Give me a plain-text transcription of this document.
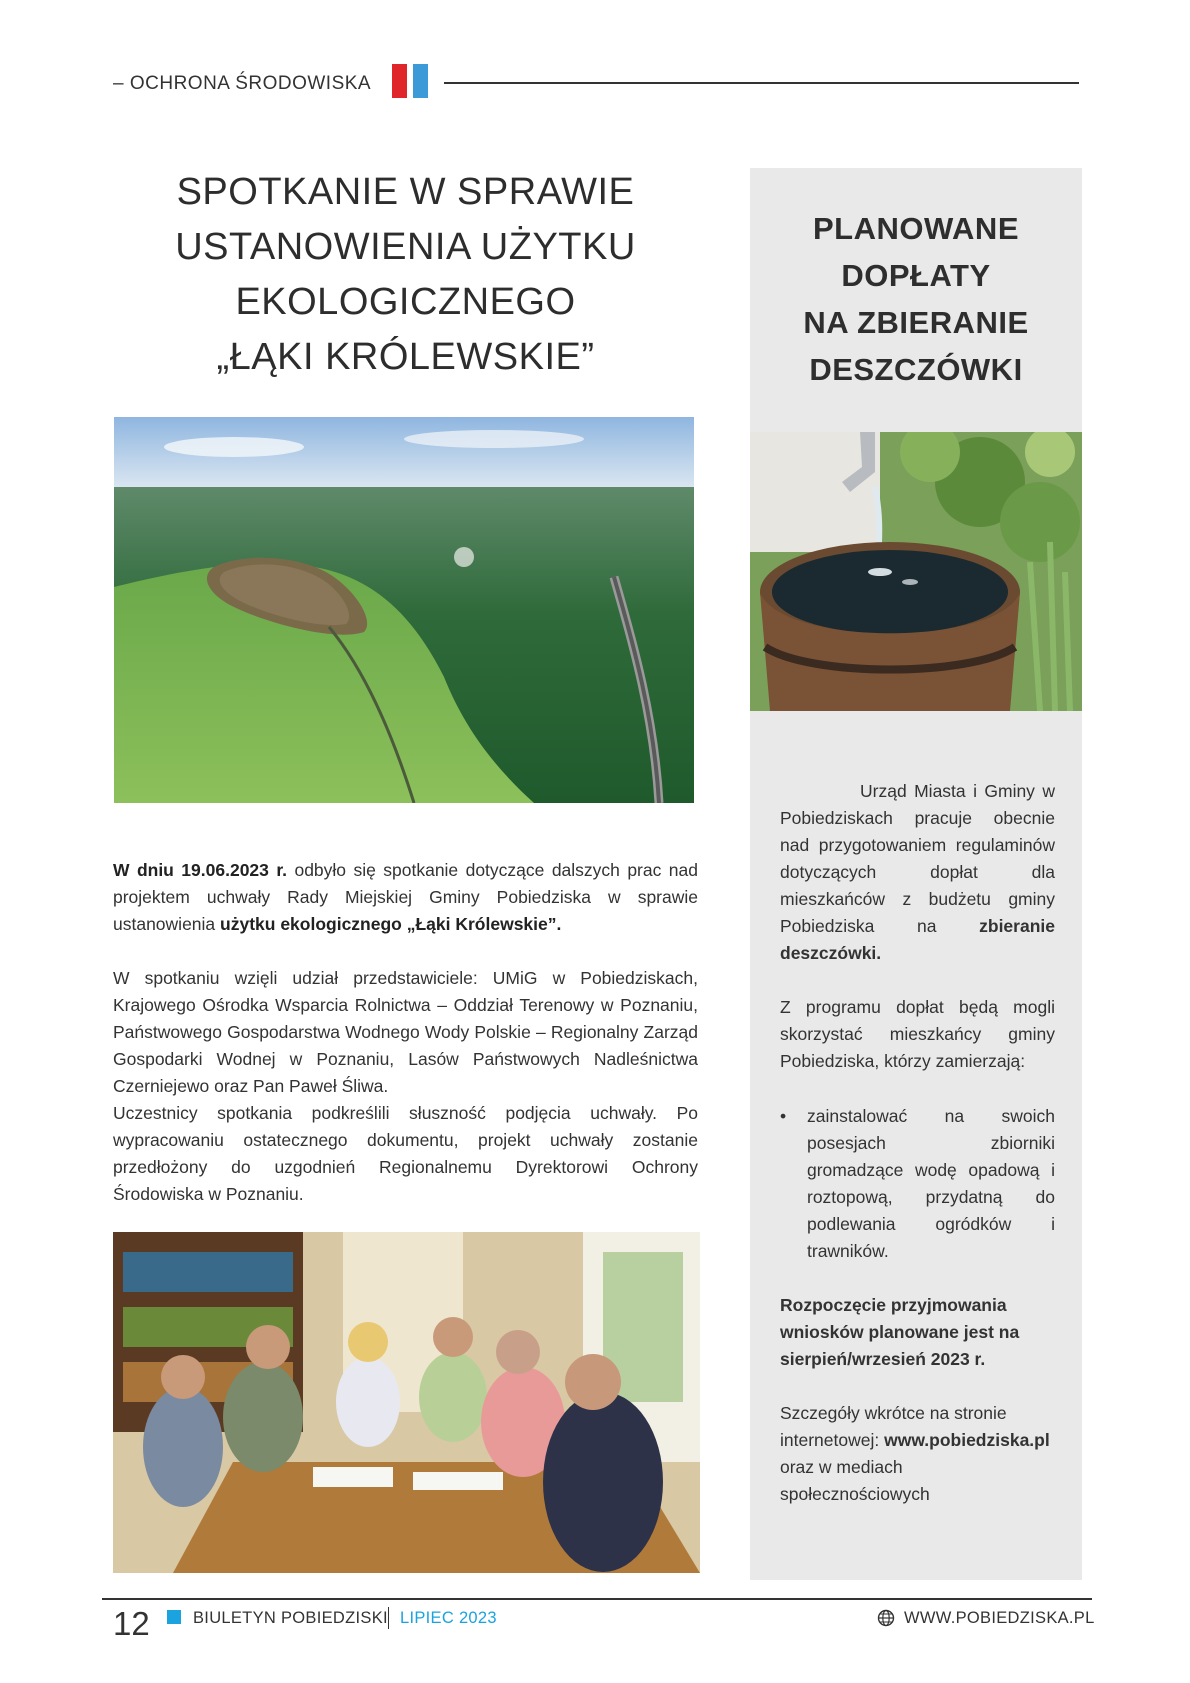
– OCHRONA ŚRODOWISKA
SPOTKANIE W SPRAWIE
USTANOWIENIA UŻYTKU
EKOLOGICZNEGO
„ŁĄKI KRÓLEWSKIE”

W dniu 19.06.2023 r. odbyło się spotkanie dotyczące dalszych prac nad projektem uchwały Rady Miejskiej Gminy Pobiedziska w sprawie ustanowienia użytku ekologicznego „Łąki Królewskie”.

W spotkaniu wzięli udział przedstawiciele: UMiG w Pobiedziskach, Krajowego Ośrodka Wsparcia Rolnictwa – Oddział Terenowy w Poznaniu, Państwowego Gospodarstwa Wodnego Wody Polskie – Regionalny Zarząd Gospodarki Wodnej w Poznaniu, Lasów Państwowych Nadleśnictwa Czerniejewo oraz Pan Paweł Śliwa.

Uczestnicy spotkania podkreślili słuszność podjęcia uchwały. Po wypracowaniu ostatecznego dokumentu, projekt uchwały zostanie przedłożony do uzgodnień Regionalnemu Dyrektorowi Ochrony Środowiska w Poznaniu.

PLANOWANE
DOPŁATY
NA ZBIERANIE
DESZCZÓWKI

Urząd Miasta i Gminy w Pobiedziskach pracuje obecnie nad przygotowaniem regulaminów dotyczących dopłat dla mieszkańców z budżetu gminy Pobiedziska na zbieranie deszczówki.

Z programu dopłat będą mogli skorzystać mieszkańcy gminy Pobiedziska, którzy zamierzają:

• zainstalować na swoich posesjach zbiorniki gromadzące wodę opadową i roztopową, przydatną do podlewania ogródków i trawników.

Rozpoczęcie przyjmowania wniosków planowane jest na sierpień/wrzesień 2023 r.

Szczegóły wkrótce na stronie internetowej: www.pobiedziska.pl oraz w mediach społecznościowych

12	BIULETYN POBIEDZISKI LIPIEC 2023	WWW.POBIEDZISKA.PL
